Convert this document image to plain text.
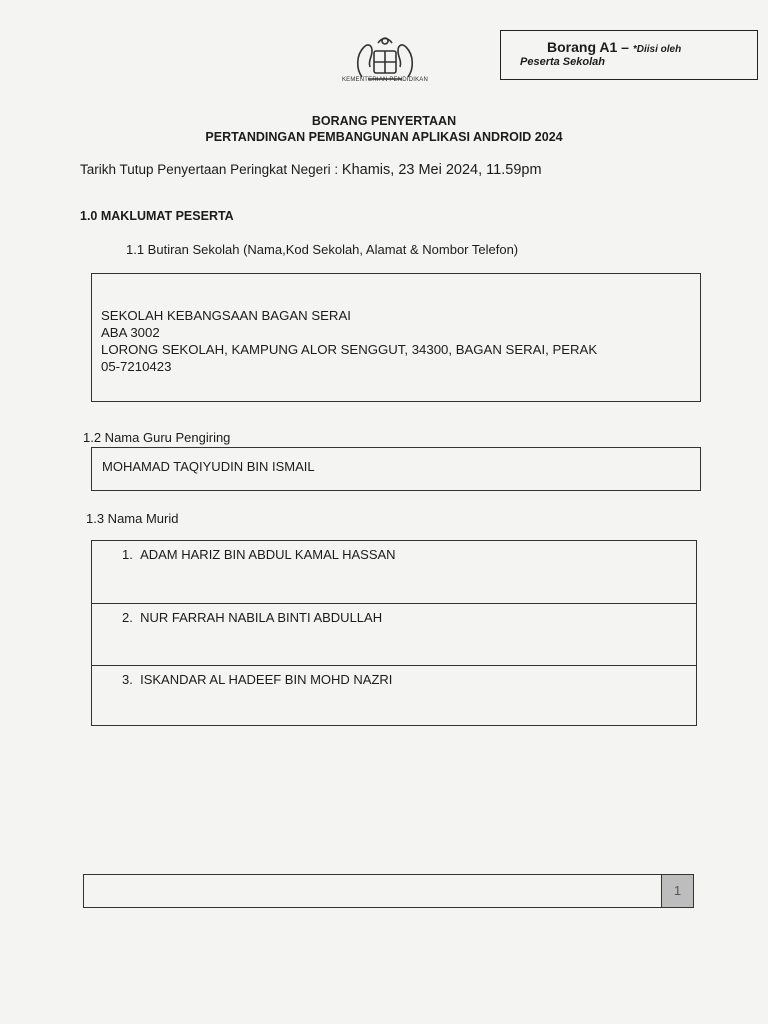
KEMENTERIAN PENDIDIKAN
Borang A1 – *Diisi oleh
Peserta Sekolah
BORANG PENYERTAAN
PERTANDINGAN PEMBANGUNAN APLIKASI ANDROID 2024
Tarikh Tutup Penyertaan Peringkat Negeri : Khamis, 23 Mei 2024, 11.59pm
1.0 MAKLUMAT PESERTA
1.1 Butiran Sekolah (Nama,Kod Sekolah, Alamat & Nombor Telefon)
SEKOLAH KEBANGSAAN BAGAN SERAI
ABA 3002
LORONG SEKOLAH, KAMPUNG ALOR SENGGUT, 34300, BAGAN SERAI, PERAK
05-7210423
1.2 Nama Guru Pengiring
MOHAMAD TAQIYUDIN BIN ISMAIL
1.3 Nama Murid
1. ADAM HARIZ BIN ABDUL KAMAL HASSAN
2. NUR FARRAH NABILA BINTI ABDULLAH
3. ISKANDAR AL HADEEF BIN MOHD NAZRI
1
